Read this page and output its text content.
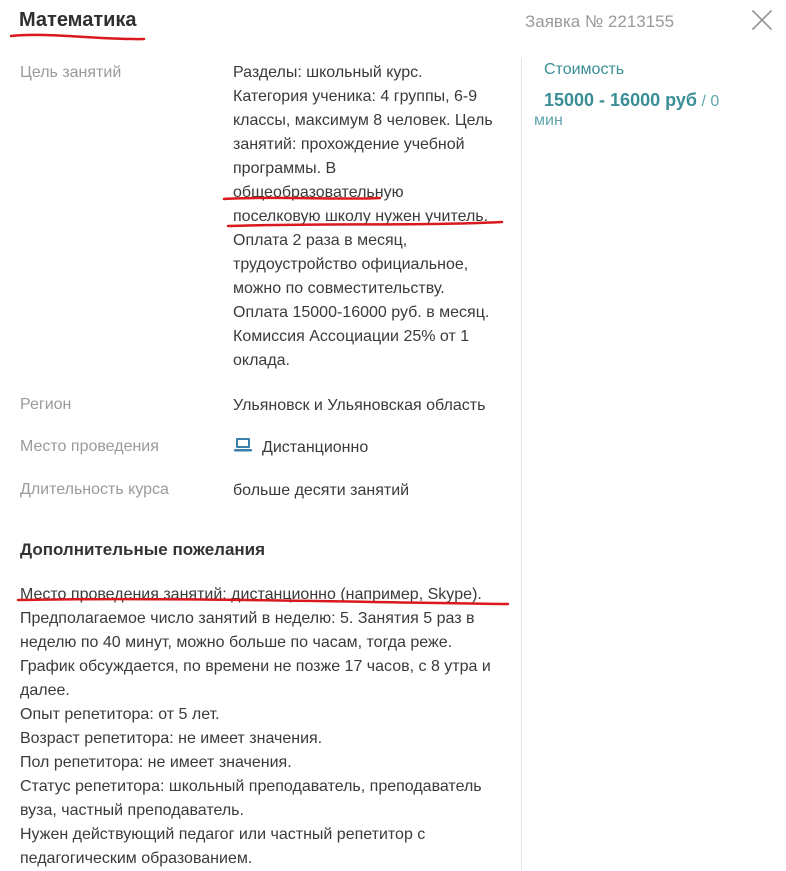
Математика	Заявка № 2213155
Цель занятий	Разделы: школьный курс.
Категория ученика: 4 группы, 6-9
классы, максимум 8 человек. Цель
занятий: прохождение учебной
программы. В
общеобразовательную
поселковую школу нужен учитель.
Оплата 2 раза в месяц,
трудоустройство официальное,
можно по совместительству.
Оплата 15000-16000 руб. в месяц.
Комиссия Ассоциации 25% от 1
оклада.
Регион	Ульяновск и Ульяновская область
Место проведения	Дистанционно
Длительность курса	больше десяти занятий
Дополнительные пожелания
Место проведения занятий: дистанционно (например, Skype).
Предполагаемое число занятий в неделю: 5. Занятия 5 раз в
неделю по 40 минут, можно больше по часам, тогда реже.
График обсуждается, по времени не позже 17 часов, с 8 утра и
далее.
Опыт репетитора: от 5 лет.
Возраст репетитора: не имеет значения.
Пол репетитора: не имеет значения.
Статус репетитора: школьный преподаватель, преподаватель
вуза, частный преподаватель.
Нужен действующий педагог или частный репетитор с
педагогическим образованием.
Стоимость
15000 - 16000 руб / 0
мин
